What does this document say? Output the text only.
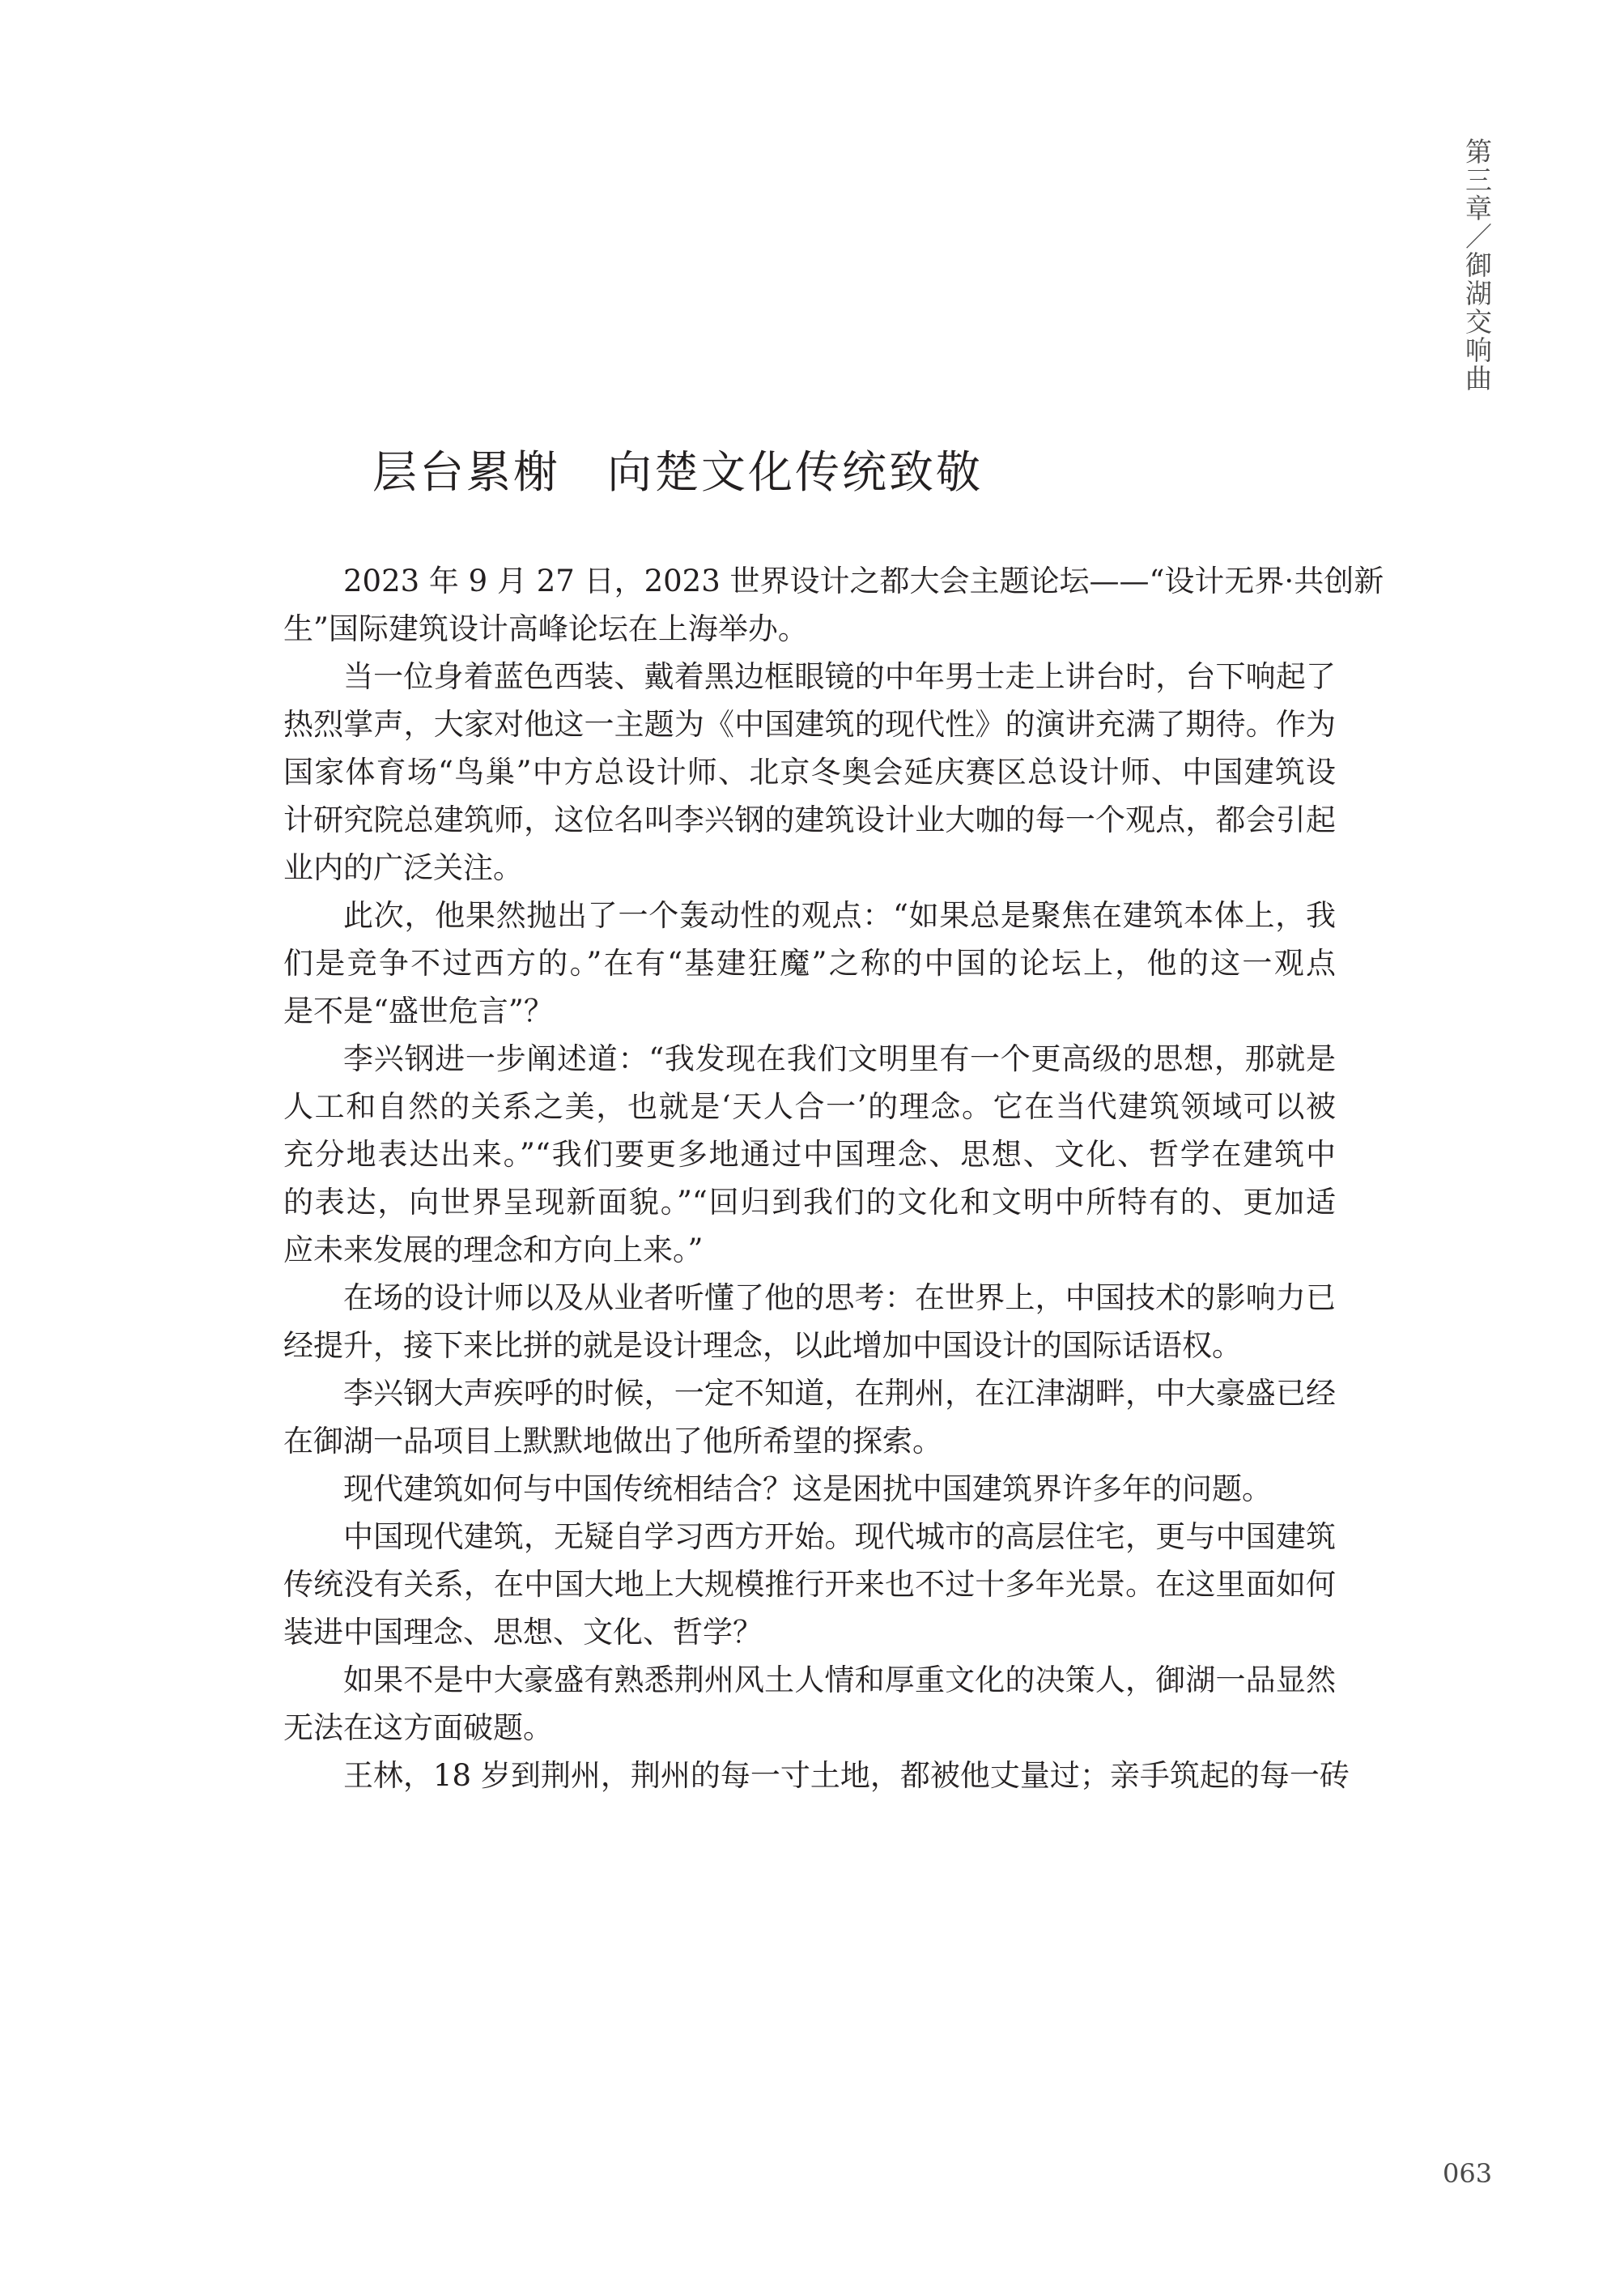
第三章／御湖交响曲
层台累榭　向楚文化传统致敬
2023 年 9 月 27 日，2023 世界设计之都大会主题论坛——“设计无界·共创新
生”国际建筑设计高峰论坛在上海举办。
当一位身着蓝色西装、戴着黑边框眼镜的中年男士走上讲台时，台下响起了
热烈掌声，大家对他这一主题为《中国建筑的现代性》的演讲充满了期待。作为
国家体育场“鸟巢”中方总设计师、北京冬奥会延庆赛区总设计师、中国建筑设
计研究院总建筑师，这位名叫李兴钢的建筑设计业大咖的每一个观点，都会引起
业内的广泛关注。
此次，他果然抛出了一个轰动性的观点：“如果总是聚焦在建筑本体上，我
们是竞争不过西方的。”在有“基建狂魔”之称的中国的论坛上，他的这一观点
是不是“盛世危言”？
李兴钢进一步阐述道：“我发现在我们文明里有一个更高级的思想，那就是
人工和自然的关系之美，也就是‘天人合一’的理念。它在当代建筑领域可以被
充分地表达出来。”“我们要更多地通过中国理念、思想、文化、哲学在建筑中
的表达，向世界呈现新面貌。”“回归到我们的文化和文明中所特有的、更加适
应未来发展的理念和方向上来。”
在场的设计师以及从业者听懂了他的思考：在世界上，中国技术的影响力已
经提升，接下来比拼的就是设计理念，以此增加中国设计的国际话语权。
李兴钢大声疾呼的时候，一定不知道，在荆州，在江津湖畔，中大豪盛已经
在御湖一品项目上默默地做出了他所希望的探索。
现代建筑如何与中国传统相结合？这是困扰中国建筑界许多年的问题。
中国现代建筑，无疑自学习西方开始。现代城市的高层住宅，更与中国建筑
传统没有关系，在中国大地上大规模推行开来也不过十多年光景。在这里面如何
装进中国理念、思想、文化、哲学？
如果不是中大豪盛有熟悉荆州风土人情和厚重文化的决策人，御湖一品显然
无法在这方面破题。
王林，18 岁到荆州，荆州的每一寸土地，都被他丈量过；亲手筑起的每一砖
063
